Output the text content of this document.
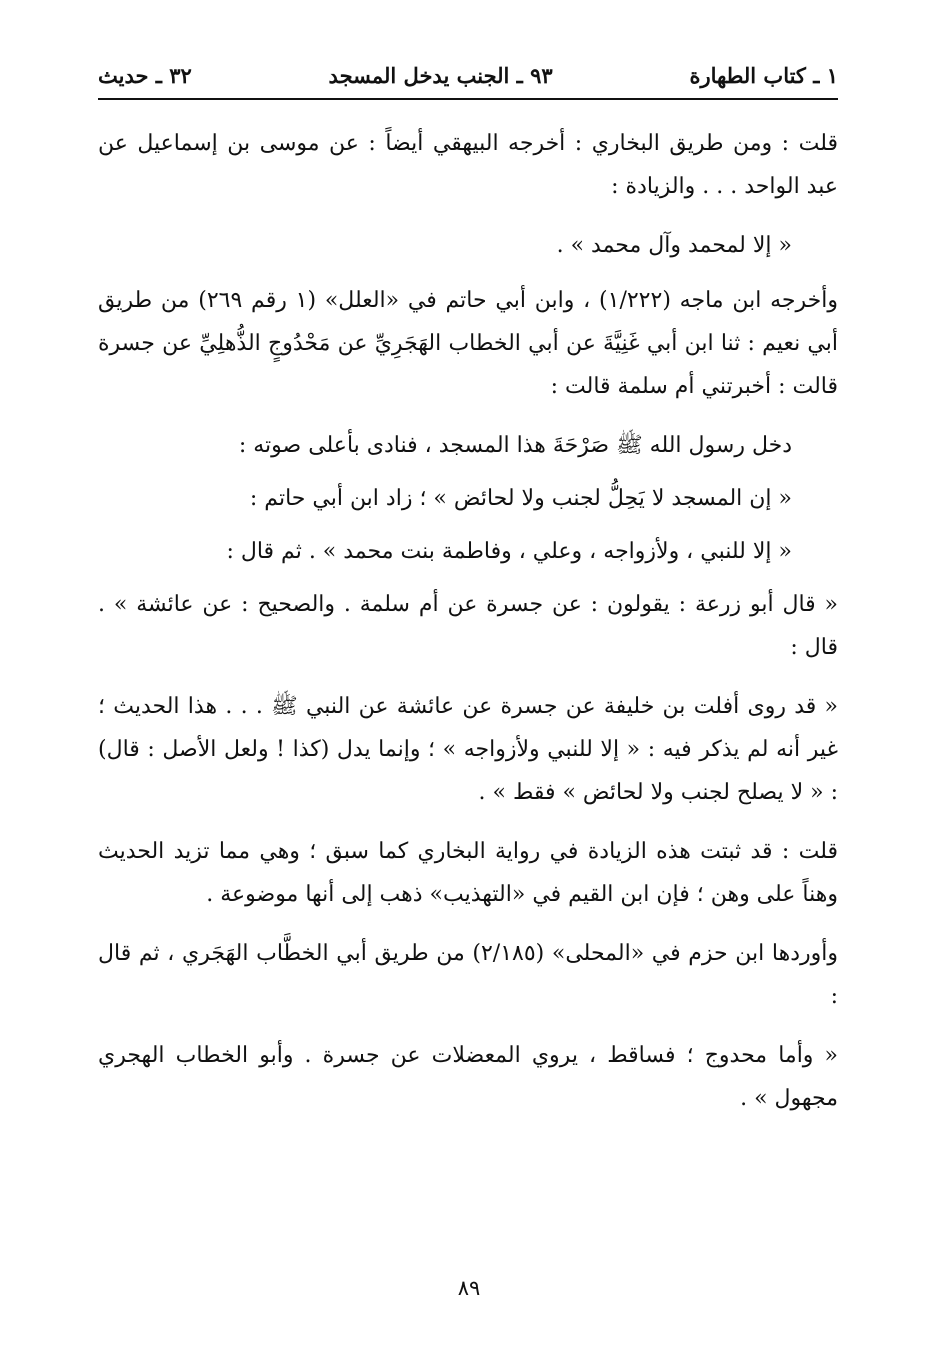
١ ـ كتاب الطهارة
٩٣ ـ الجنب يدخل المسجد
٣٢ ـ حديث

قلت : ومن طريق البخاري : أخرجه البيهقي أيضاً : عن موسى بن إسماعيل عن عبد الواحد . . . والزيادة :

« إلا لمحمد وآل محمد » .

وأخرجه ابن ماجه (١/٢٢٢) ، وابن أبي حاتم في «العلل» (١ رقم ٢٦٩) من طريق أبي نعيم : ثنا ابن أبي غَنِيَّةَ عن أبي الخطاب الهَجَرِيِّ عن مَحْدُوجٍ الذُّهلِيِّ عن جسرة قالت : أخبرتني أم سلمة قالت :

دخل رسول الله ﷺ صَرْحَةَ هذا المسجد ، فنادى بأعلى صوته :

« إن المسجد لا يَحِلُّ لجنب ولا لحائض » ؛ زاد ابن أبي حاتم :

« إلا للنبي ، ولأزواجه ، وعلي ، وفاطمة بنت محمد » . ثم قال :

« قال أبو زرعة : يقولون : عن جسرة عن أم سلمة . والصحيح : عن عائشة » . قال :

« قد روى أفلت بن خليفة عن جسرة عن عائشة عن النبي ﷺ . . . هذا الحديث ؛ غير أنه لم يذكر فيه : « إلا للنبي ولأزواجه » ؛ وإنما يدل (كذا ! ولعل الأصل : قال) : « لا يصلح لجنب ولا لحائض » فقط » .

قلت : قد ثبتت هذه الزيادة في رواية البخاري كما سبق ؛ وهي مما تزيد الحديث وهناً على وهن ؛ فإن ابن القيم في «التهذيب» ذهب إلى أنها موضوعة .

وأوردها ابن حزم في «المحلى» (٢/١٨٥) من طريق أبي الخطَّاب الهَجَري ، ثم قال :

« وأما محدوج ؛ فساقط ، يروي المعضلات عن جسرة . وأبو الخطاب الهجري مجهول » .

٨٩
